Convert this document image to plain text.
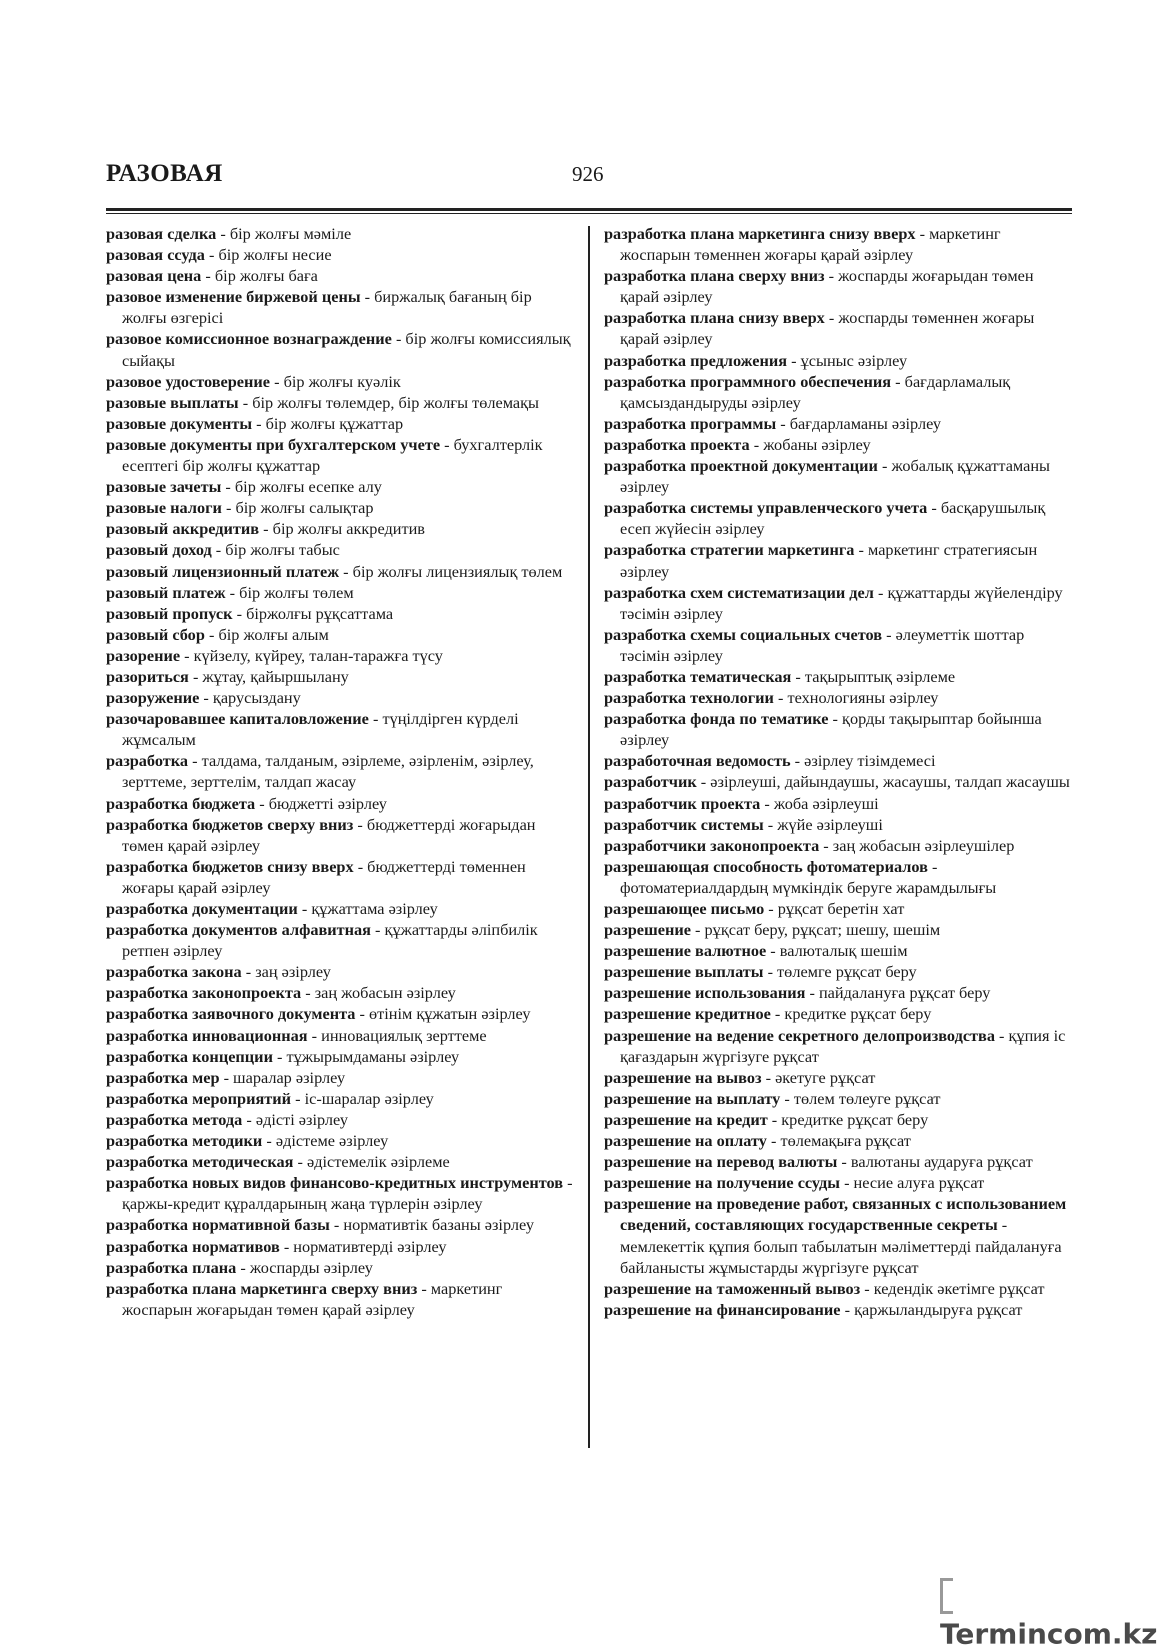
РАЗОВАЯ	926

разовая сделка - бір жолғы мәміле

разовая ссуда - бір жолғы несие

разовая цена - бір жолғы баға

разовое изменение биржевой цены - биржалық бағаның бір жолғы өзгерісі

разовое комиссионное вознаграждение - бір жолғы комиссиялық сыйақы

разовое удостоверение - бір жолғы куәлік

разовые выплаты - бір жолғы төлемдер, бір жолғы төлемақы

разовые документы - бір жолғы құжаттар

разовые документы при бухгалтерском учете - бухгалтерлік есептегі бір жолғы құжаттар

разовые зачеты - бір жолғы есепке алу

разовые налоги - бір жолғы салықтар

разовый аккредитив - бір жолғы аккредитив

разовый доход - бір жолғы табыс

разовый лицензионный платеж - бір жолғы лицензиялық төлем

разовый платеж - бір жолғы төлем

разовый пропуск - біржолғы рұқсаттама

разовый сбор - бір жолғы алым

разорение - күйзелу, күйреу, талан-таражға түсу

разориться - жұтау, қайыршылану

разоружение - қарусыздану

разочаровавшее капиталовложение - түңілдірген күрделі жұмсалым

разработка - талдама, талданым, әзірлеме, әзірленім, әзірлеу, зерттеме, зерттелім, талдап жасау

разработка бюджета - бюджетті әзірлеу

разработка бюджетов сверху вниз - бюджеттерді жоғарыдан төмен қарай әзірлеу

разработка бюджетов снизу вверх - бюджеттерді төменнен жоғары қарай әзірлеу

разработка документации - құжаттама әзірлеу

разработка документов алфавитная - құжаттарды әліпбилік ретпен әзірлеу

разработка закона - заң әзірлеу

разработка законопроекта - заң жобасын әзірлеу

разработка заявочного документа - өтінім құжатын әзірлеу

разработка инновационная - инновациялық зерттеме

разработка концепции - тұжырымдаманы әзірлеу

разработка мер - шаралар әзірлеу

разработка мероприятий - іс-шаралар әзірлеу

разработка метода - әдісті әзірлеу

разработка методики - әдістеме әзірлеу

разработка методическая - әдістемелік әзірлеме

разработка новых видов финансово-кредитных инструментов - қаржы-кредит құралдарының жаңа түрлерін әзірлеу

разработка нормативной базы - нормативтік базаны әзірлеу

разработка нормативов - нормативтерді әзірлеу

разработка плана - жоспарды әзірлеу

разработка плана маркетинга сверху вниз - маркетинг жоспарын жоғарыдан төмен қарай әзірлеу

разработка плана маркетинга снизу вверх - маркетинг жоспарын төменнен жоғары қарай әзірлеу

разработка плана сверху вниз - жоспарды жоғарыдан төмен қарай әзірлеу

разработка плана снизу вверх - жоспарды төменнен жоғары қарай әзірлеу

разработка предложения - ұсыныс әзірлеу

разработка программного обеспечения - бағдарламалық қамсыздандыруды әзірлеу

разработка программы - бағдарламаны әзірлеу

разработка проекта - жобаны әзірлеу

разработка проектной документации - жобалық құжаттаманы әзірлеу

разработка системы управленческого учета - басқарушылық есеп жүйесін әзірлеу

разработка стратегии маркетинга - маркетинг стратегиясын әзірлеу

разработка схем систематизации дел - құжаттарды жүйелендіру тәсімін әзірлеу

разработка схемы социальных счетов - әлеуметтік шоттар тәсімін әзірлеу

разработка тематическая - тақырыптық әзірлеме

разработка технологии - технологияны әзірлеу

разработка фонда по тематике - қорды тақырыптар бойынша әзірлеу

разработочная ведомость - әзірлеу тізімдемесі

разработчик - әзірлеуші, дайындаушы, жасаушы, талдап жасаушы

разработчик проекта - жоба әзірлеуші

разработчик системы - жүйе әзірлеуші

разработчики законопроекта - заң жобасын әзірлеушілер

разрешающая способность фотоматериалов - фотоматериалдардың мүмкіндік беруге жарамдылығы

разрешающее письмо - рұқсат беретін хат

разрешение - рұқсат беру, рұқсат; шешу, шешім

разрешение валютное - валюталық шешім

разрешение выплаты - төлемге рұқсат беру

разрешение использования - пайдалануға рұқсат беру

разрешение кредитное - кредитке рұқсат беру

разрешение на ведение секретного делопроизводства - құпия іс қағаздарын жүргізуге рұқсат

разрешение на вывоз - әкетуге рұқсат

разрешение на выплату - төлем төлеуге рұқсат

разрешение на кредит - кредитке рұқсат беру

разрешение на оплату - төлемақыға рұқсат

разрешение на перевод валюты - валютаны аударуға рұқсат

разрешение на получение ссуды - несие алуға рұқсат

разрешение на проведение работ, связанных с использованием сведений, составляющих государственные секреты - мемлекеттік құпия болып табылатын мәліметтерді пайдалануға байланысты жұмыстарды жүргізуге рұқсат

разрешение на таможенный вывоз - кедендік әкетімге рұқсат

разрешение на финансирование - қаржыландыруға рұқсат

Termincom.kz
